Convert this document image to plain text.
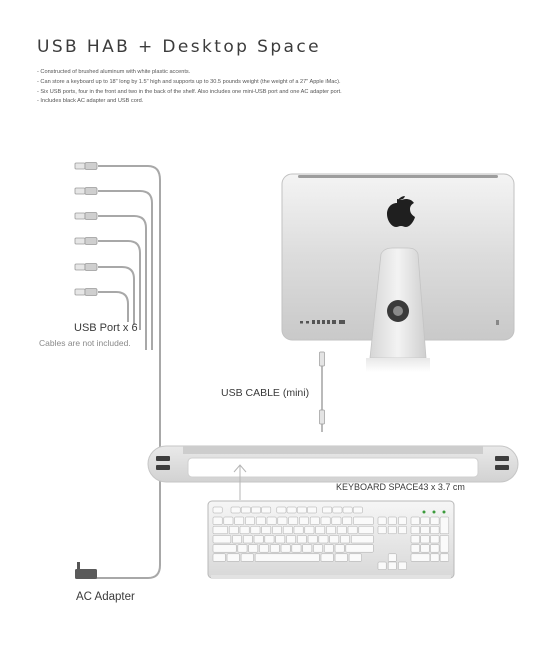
USB HAB + Desktop Space
- Constructed of brushed aluminum with white plastic accents.
- Can store a keyboard up to 18" long by 1.5" high and supports up to 30.5 pounds weight (the weight of a 27" Apple iMac).
- Six USB ports, four in the front and two in the back of the shelf. Also includes one mini-USB port and one AC adapter port.
- Includes black AC adapter and USB cord.
USB Port x 6
Cables are not included.
USB CABLE (mini)
KEYBOARD SPACE43 x 3.7 cm
AC Adapter
